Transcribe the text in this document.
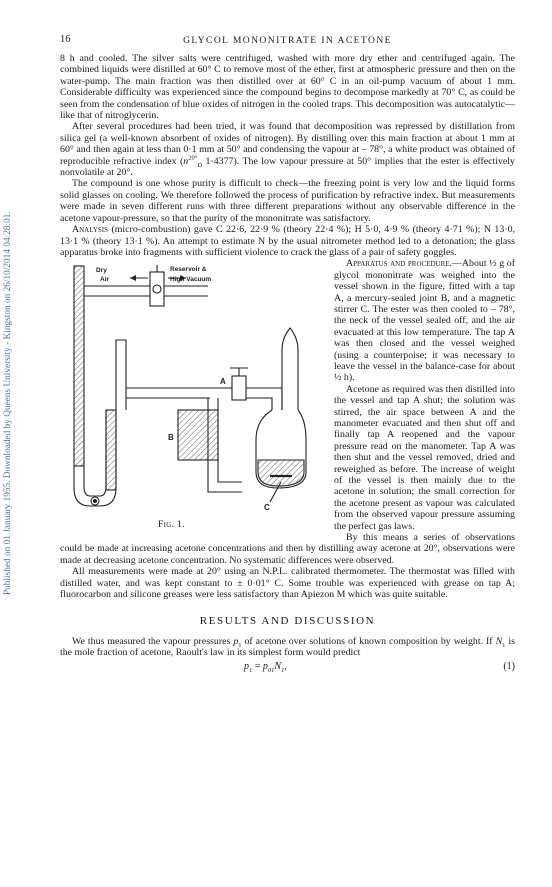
Published on 01 January 1955. Downloaded by Queens University - Kingston on 26/10/2014 04:28:01.
16	GLYCOL MONONITRATE IN ACETONE

8 h and cooled. The silver salts were centrifuged, washed with more dry ether and centrifuged again. The combined liquids were distilled at 60° C to remove most of the ether, first at atmospheric pressure and then on the water-pump. The main fraction was then distilled over at 60° C in an oil-pump vacuum of about 1 mm. Considerable difficulty was experienced since the compound begins to decompose markedly at 70° C, as could be seen from the condensation of blue oxides of nitrogen in the cooled traps. This decomposition was autocatalytic—like that of nitroglycerin.

After several procedures had been tried, it was found that decomposition was repressed by distillation from silica gel (a well-known absorbent of oxides of nitrogen). By distilling over this main fraction at about 1 mm at 60° and then again at less than 0·1 mm at 50° and condensing the vapour at – 78°, a white product was obtained of reproducible refractive index ($n^{20^\circ}_D$ 1·4377). The low vapour pressure at 50° implies that the ester is effectively nonvolatile at 20°.

The compound is one whose purity is difficult to check—the freezing point is very low and the liquid forms solid glasses on cooling. We therefore followed the process of purification by refractive index. But measurements were made in seven different runs with three different preparations without any observable difference in the acetone vapour-pressure, so that the purity of the mononitrate was satisfactory.

Analysis (micro-combustion) gave C 22·6, 22·9 % (theory 22·4 %); H 5·0, 4·9 % (theory 4·71 %); N 13·0, 13·1 % (theory 13·1 %). An attempt to estimate N by the usual nitrometer method led to a detonation; the glass apparatus broke into fragments with sufficient violence to crack the glass of a pair of safety goggles.

Dry
Air
Reservoir &
High Vacuum
A
B
C
Fig. 1.

Apparatus and procedure.—About ½ g of glycol mononitrate was weighed into the vessel shown in the figure, fitted with a tap A, a mercury-sealed joint B, and a magnetic stirrer C. The ester was then cooled to – 78°, the neck of the vessel sealed off, and the air evacuated at this low temperature. The tap A was then closed and the vessel weighed (using a counterpoise; it was necessary to leave the vessel in the balance-case for about ½ h).

Acetone as required was then distilled into the vessel and tap A shut; the solution was stirred, the air space between A and the manometer evacuated and then shut off and finally tap A reopened and the vapour pressure read on the manometer. Tap A was then shut and the vessel removed, dried and reweighed as before. The increase of weight of the vessel is then mainly due to the acetone in solution; the small correction for the acetone present as vapour was calculated from the observed vapour pressure assuming the perfect gas laws.

By this means a series of observations could be made at increasing acetone concentrations and then by distilling away acetone at 20°, observations were made at decreasing acetone concentration. No systematic differences were observed.

All measurements were made at 20° using an N.P.L. calibrated thermometer. The thermostat was filled with distilled water, and was kept constant to ± 0·01° C. Some trouble was experienced with grease on tap A; fluorocarbon and silicone greases were less satisfactory than Apiezon M which was quite suitable.

RESULTS AND DISCUSSION

We thus measured the vapour pressures $p_1$ of acetone over solutions of known composition by weight. If $N_1$ is the mole fraction of acetone, Raoult's law in its simplest form would predict

$p_1 = p_{01}N_1$,	(1)
